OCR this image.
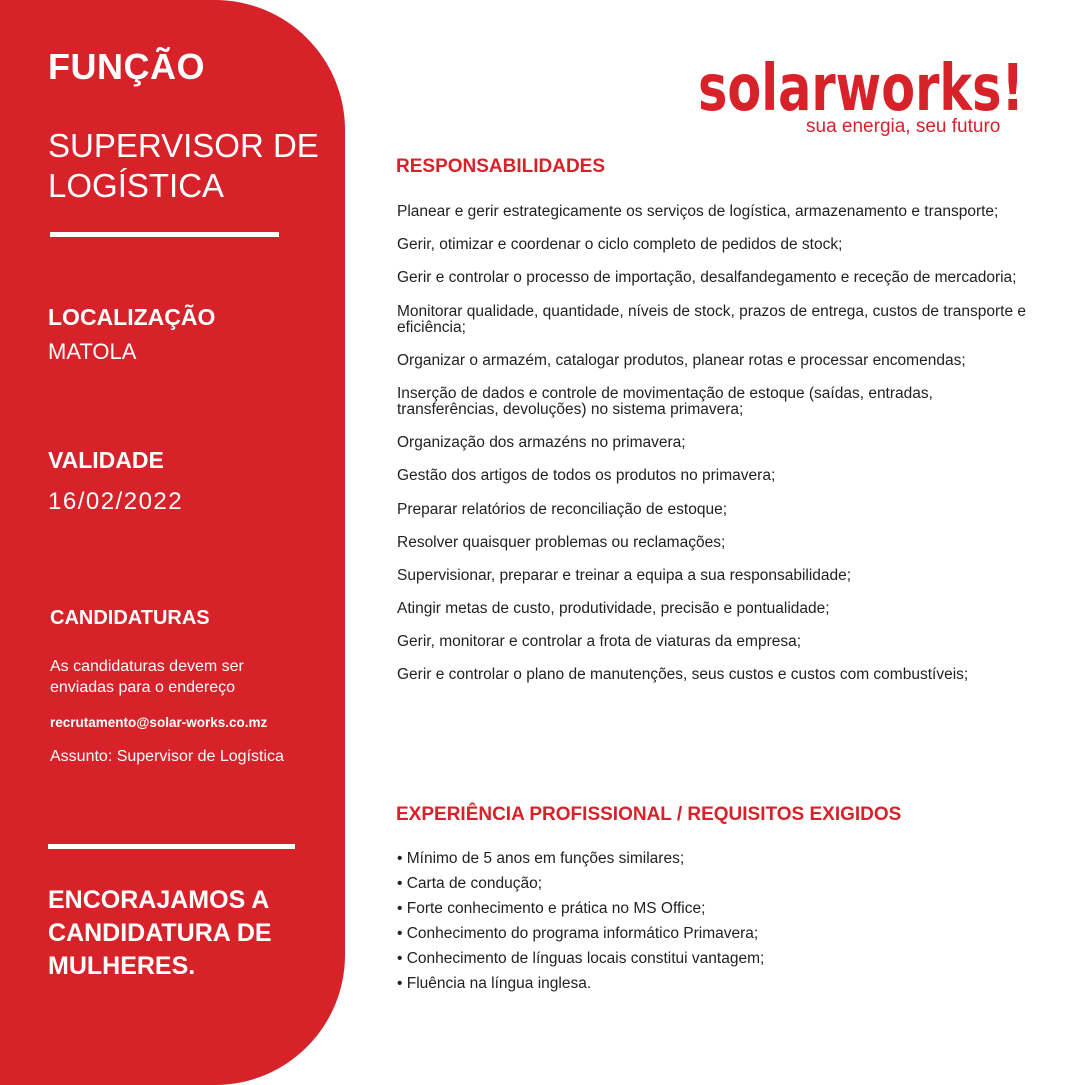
FUNÇÃO
SUPERVISOR DE LOGÍSTICA
LOCALIZAÇÃO
MATOLA
VALIDADE
16/02/2022
CANDIDATURAS
As candidaturas devem ser enviadas para o endereço
recrutamento@solar-works.co.mz
Assunto: Supervisor de Logística
ENCORAJAMOS A CANDIDATURA DE MULHERES.
solarworks!
sua energia, seu futuro
RESPONSABILIDADES
Planear e gerir estrategicamente os serviços de logística, armazenamento e transporte;
Gerir, otimizar e coordenar o ciclo completo de pedidos de stock;
Gerir e controlar o processo de importação, desalfandegamento e receção de mercadoria;
Monitorar qualidade, quantidade, níveis de stock, prazos de entrega, custos de transporte e eficiência;
Organizar o armazém, catalogar produtos, planear rotas e processar encomendas;
Inserção de dados e controle de movimentação de estoque (saídas, entradas, transferências, devoluções) no sistema primavera;
Organização dos armazéns no primavera;
Gestão dos artigos de todos os produtos no primavera;
Preparar relatórios de reconciliação de estoque;
Resolver quaisquer problemas ou reclamações;
Supervisionar, preparar e treinar a equipa a sua responsabilidade;
Atingir metas de custo, produtividade, precisão e pontualidade;
Gerir, monitorar e controlar a frota de viaturas da empresa;
Gerir e controlar o plano de manutenções, seus custos e custos com combustíveis;
EXPERIÊNCIA PROFISSIONAL / REQUISITOS EXIGIDOS
• Mínimo de 5 anos em funções similares;
• Carta de condução;
• Forte conhecimento e prática no MS Office;
• Conhecimento do programa informático Primavera;
• Conhecimento de línguas locais constitui vantagem;
• Fluência na língua inglesa.
